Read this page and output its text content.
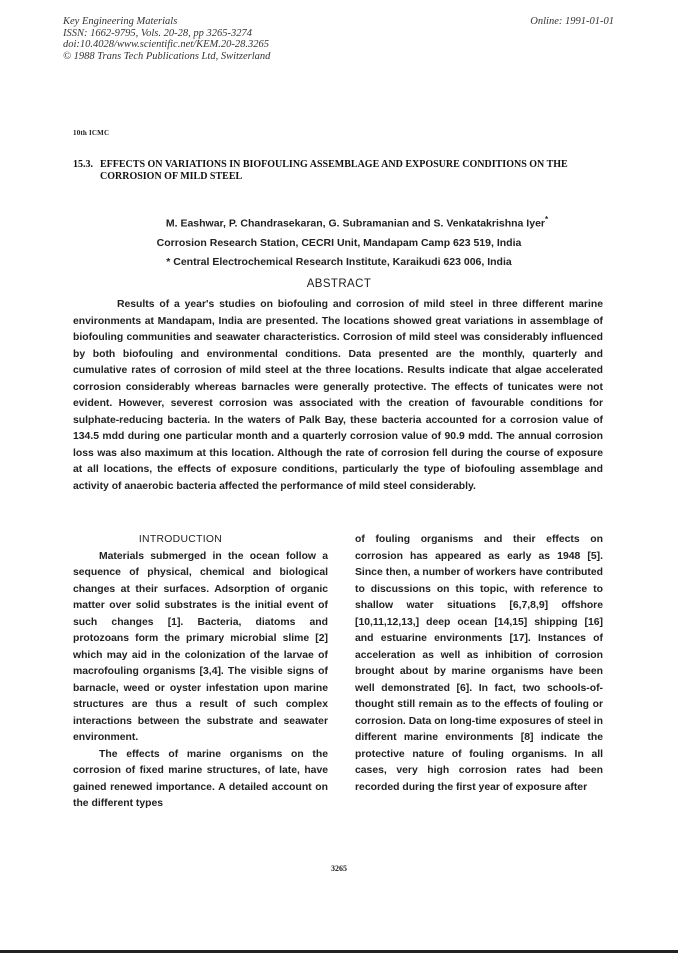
Key Engineering Materials
ISSN: 1662-9795, Vols. 20-28, pp 3265-3274
doi:10.4028/www.scientific.net/KEM.20-28.3265
© 1988 Trans Tech Publications Ltd, Switzerland
Online: 1991-01-01
10th ICMC
15.3. EFFECTS ON VARIATIONS IN BIOFOULING ASSEMBLAGE AND EXPOSURE CONDITIONS ON THE CORROSION OF MILD STEEL
M. Eashwar, P. Chandrasekaran, G. Subramanian and S. Venkatakrishna Iyer*
Corrosion Research Station, CECRI Unit, Mandapam Camp 623 519, India
* Central Electrochemical Research Institute, Karaikudi 623 006, India
ABSTRACT
Results of a year's studies on biofouling and corrosion of mild steel in three different marine environments at Mandapam, India are presented. The locations showed great variations in assemblage of biofouling communities and seawater characteristics. Corrosion of mild steel was considerably influenced by both biofouling and environmental conditions. Data presented are the monthly, quarterly and cumulative rates of corrosion of mild steel at the three locations. Results indicate that algae accelerated corrosion considerably whereas barnacles were generally protective. The effects of tunicates were not evident. However, severest corrosion was associated with the creation of favourable conditions for sulphate-reducing bacteria. In the waters of Palk Bay, these bacteria accounted for a corrosion value of 134.5 mdd during one particular month and a quarterly corrosion value of 90.9 mdd. The annual corrosion loss was also maximum at this location. Although the rate of corrosion fell during the course of exposure at all locations, the effects of exposure conditions, particularly the type of biofouling assemblage and activity of anaerobic bacteria affected the performance of mild steel considerably.
INTRODUCTION

Materials submerged in the ocean follow a sequence of physical, chemical and biological changes at their surfaces. Adsorption of organic matter over solid substrates is the initial event of such changes [1]. Bacteria, diatoms and protozoans form the primary microbial slime [2] which may aid in the colonization of the larvae of macrofouling organisms [3,4]. The visible signs of barnacle, weed or oyster infestation upon marine structures are thus a result of such complex interactions between the substrate and seawater environment.

The effects of marine organisms on the corrosion of fixed marine structures, of late, have gained renewed importance. A detailed account on the different types

of fouling organisms and their effects on corrosion has appeared as early as 1948 [5]. Since then, a number of workers have contributed to discussions on this topic, with reference to shallow water situations [6,7,8,9] offshore [10,11,12,13,] deep ocean [14,15] shipping [16] and estuarine environments [17]. Instances of acceleration as well as inhibition of corrosion brought about by marine organisms have been well demonstrated [6]. In fact, two schools-of-thought still remain as to the effects of fouling or corrosion. Data on long-time exposures of steel in different marine environments [8] indicate the protective nature of fouling organisms. In all cases, very high corrosion rates had been recorded during the first year of exposure after

3265
